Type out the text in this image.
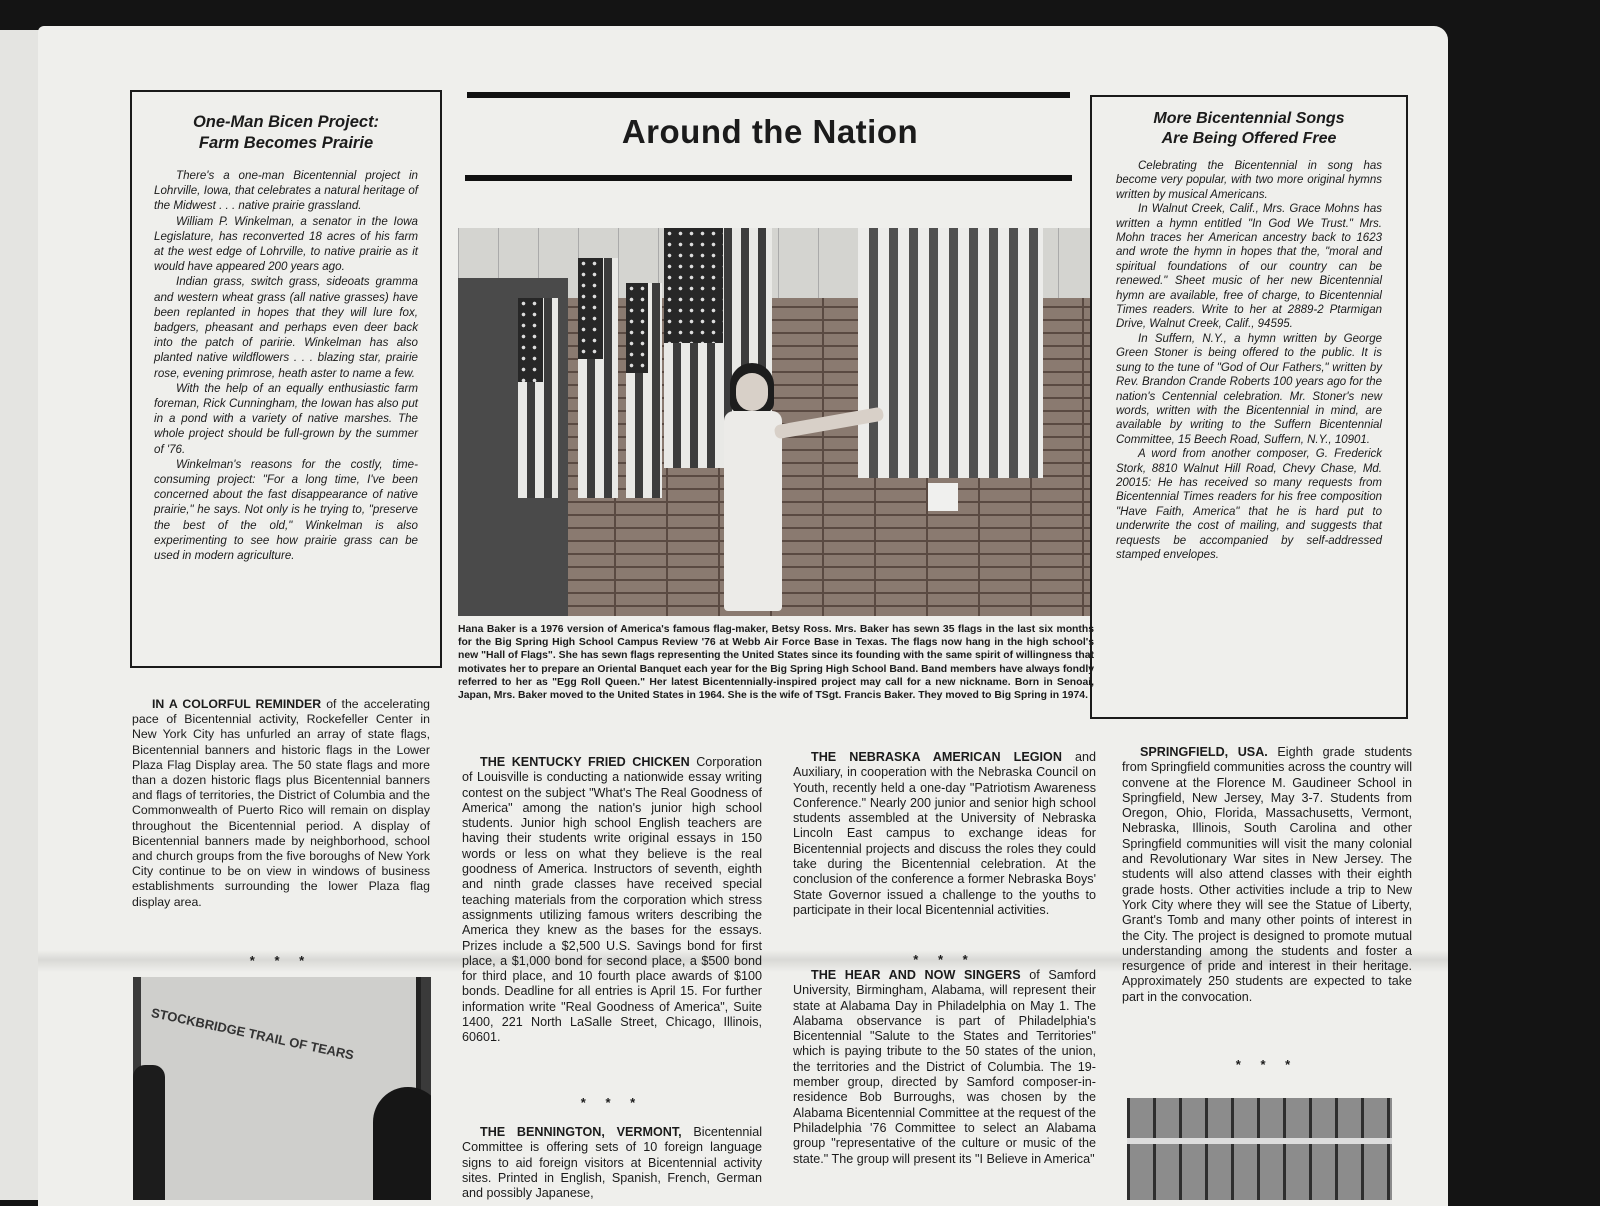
One-Man Bicen Project:
Farm Becomes Prairie

There's a one-man Bicentennial project in Lohrville, Iowa, that celebrates a natural heritage of the Midwest . . . native prairie grassland.

William P. Winkelman, a senator in the Iowa Legislature, has reconverted 18 acres of his farm at the west edge of Lohrville, to native prairie as it would have appeared 200 years ago.

Indian grass, switch grass, sideoats gramma and western wheat grass (all native grasses) have been replanted in hopes that they will lure fox, badgers, pheasant and perhaps even deer back into the patch of paririe. Winkelman has also planted native wildflowers . . . blazing star, prairie rose, evening primrose, heath aster to name a few.

With the help of an equally enthusiastic farm foreman, Rick Cunningham, the Iowan has also put in a pond with a variety of native marshes. The whole project should be full-grown by the summer of '76.

Winkelman's reasons for the costly, time-consuming project: "For a long time, I've been concerned about the fast disappearance of native prairie," he says. Not only is he trying to, "preserve the best of the old," Winkelman is also experimenting to see how prairie grass can be used in modern agriculture.

IN A COLORFUL REMINDER of the accelerating pace of Bicentennial activity, Rockefeller Center in New York City has unfurled an array of state flags, Bicentennial banners and historic flags in the Lower Plaza Flag Display area. The 50 state flags and more than a dozen historic flags plus Bicentennial banners and flags of territories, the District of Columbia and the Commonwealth of Puerto Rico will remain on display throughout the Bicentennial period. A display of Bicentennial banners made by neighborhood, school and church groups from the five boroughs of New York City continue to be on view in windows of business establishments surrounding the lower Plaza flag display area.

* * *
STOCKBRIDGE TRAIL OF TEARS
Around the Nation
Hana Baker is a 1976 version of America's famous flag-maker, Betsy Ross. Mrs. Baker has sewn 35 flags in the last six months for the Big Spring High School Campus Review '76 at Webb Air Force Base in Texas. The flags now hang in the high school's new "Hall of Flags". She has sewn flags representing the United States since its founding with the same spirit of willingness that motivates her to prepare an Oriental Banquet each year for the Big Spring High School Band. Band members have always fondly referred to her as "Egg Roll Queen." Her latest Bicentennially-inspired project may call for a new nickname. Born in Senoai, Japan, Mrs. Baker moved to the United States in 1964. She is the wife of TSgt. Francis Baker. They moved to Big Spring in 1974.
More Bicentennial Songs
Are Being Offered Free

Celebrating the Bicentennial in song has become very popular, with two more original hymns written by musical Americans.

In Walnut Creek, Calif., Mrs. Grace Mohns has written a hymn entitled "In God We Trust." Mrs. Mohn traces her American ancestry back to 1623 and wrote the hymn in hopes that the, "moral and spiritual foundations of our country can be renewed." Sheet music of her new Bicentennial hymn are available, free of charge, to Bicentennial Times readers. Write to her at 2889-2 Ptarmigan Drive, Walnut Creek, Calif., 94595.

In Suffern, N.Y., a hymn written by George Green Stoner is being offered to the public. It is sung to the tune of "God of Our Fathers," written by Rev. Brandon Crande Roberts 100 years ago for the nation's Centennial celebration. Mr. Stoner's new words, written with the Bicentennial in mind, are available by writing to the Suffern Bicentennial Committee, 15 Beech Road, Suffern, N.Y., 10901.

A word from another composer, G. Frederick Stork, 8810 Walnut Hill Road, Chevy Chase, Md. 20015: He has received so many requests from Bicentennial Times readers for his free composition "Have Faith, America" that he is hard put to underwrite the cost of mailing, and suggests that requests be accompanied by self-addressed stamped envelopes.

THE KENTUCKY FRIED CHICKEN Corporation of Louisville is conducting a nationwide essay writing contest on the subject "What's The Real Goodness of America" among the nation's junior high school students. Junior high school English teachers are having their students write original essays in 150 words or less on what they believe is the real goodness of America. Instructors of seventh, eighth and ninth grade classes have received special teaching materials from the corporation which stress assignments utilizing famous writers describing the America they knew as the bases for the essays. Prizes include a $2,500 U.S. Savings bond for first place, a $1,000 bond for second place, a $500 bond for third place, and 10 fourth place awards of $100 bonds. Deadline for all entries is April 15. For further information write "Real Goodness of America", Suite 1400, 221 North LaSalle Street, Chicago, Illinois, 60601.

* * *

THE BENNINGTON, VERMONT, Bicentennial Committee is offering sets of 10 foreign language signs to aid foreign visitors at Bicentennial activity sites. Printed in English, Spanish, French, German and possibly Japanese,

THE NEBRASKA AMERICAN LEGION and Auxiliary, in cooperation with the Nebraska Council on Youth, recently held a one-day "Patriotism Awareness Conference." Nearly 200 junior and senior high school students assembled at the University of Nebraska Lincoln East campus to exchange ideas for Bicentennial projects and discuss the roles they could take during the Bicentennial celebration. At the conclusion of the conference a former Nebraska Boys' State Governor issued a challenge to the youths to participate in their local Bicentennial activities.

* * *

THE HEAR AND NOW SINGERS of Samford University, Birmingham, Alabama, will represent their state at Alabama Day in Philadelphia on May 1. The Alabama observance is part of Philadelphia's Bicentennial "Salute to the States and Territories" which is paying tribute to the 50 states of the union, the territories and the District of Columbia. The 19-member group, directed by Samford composer-in-residence Bob Burroughs, was chosen by the Alabama Bicentennial Committee at the request of the Philadelphia '76 Committee to select an Alabama group "representative of the culture or music of the state." The group will present its "I Believe in America"

SPRINGFIELD, USA. Eighth grade students from Springfield communities across the country will convene at the Florence M. Gaudineer School in Springfield, New Jersey, May 3-7. Students from Oregon, Ohio, Florida, Massachusetts, Vermont, Nebraska, Illinois, South Carolina and other Springfield communities will visit the many colonial and Revolutionary War sites in New Jersey. The students will also attend classes with their eighth grade hosts. Other activities include a trip to New York City where they will see the Statue of Liberty, Grant's Tomb and many other points of interest in the City. The project is designed to promote mutual understanding among the students and foster a resurgence of pride and interest in their heritage. Approximately 250 students are expected to take part in the convocation.

* * *
